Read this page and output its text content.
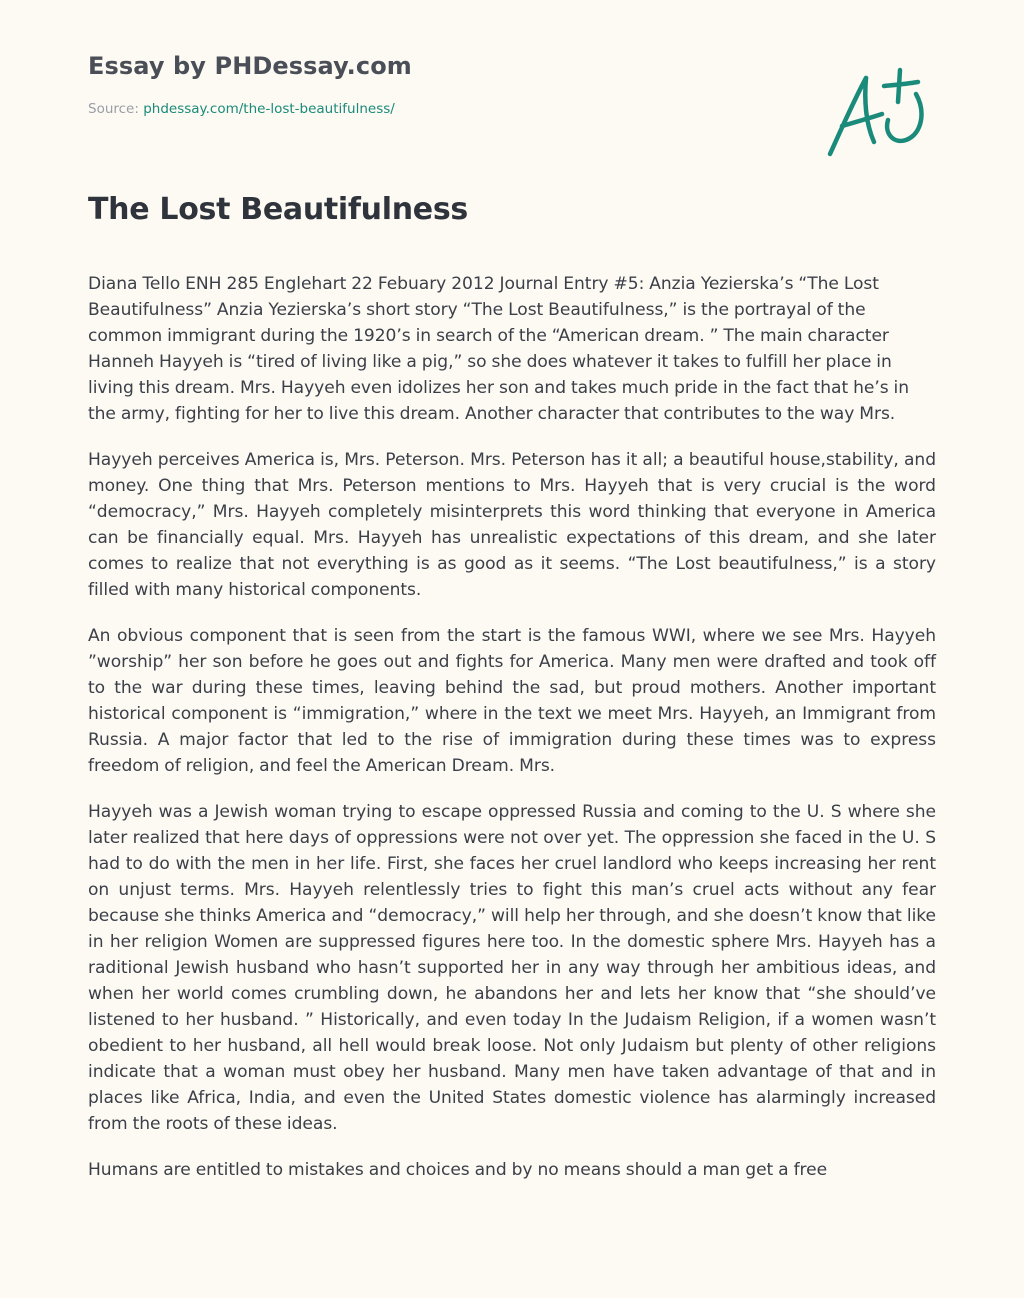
Essay by PHDessay.com
Source: phdessay.com/the-lost-beautifulness/
The Lost Beautifulness

Diana Tello ENH 285 Englehart 22 Febuary 2012 Journal Entry #5: Anzia Yezierska’s “The Lost Beautifulness” Anzia Yezierska’s short story “The Lost Beautifulness,” is the portrayal of the common immigrant during the 1920’s in search of the “American dream. ” The main character Hanneh Hayyeh is “tired of living like a pig,” so she does whatever it takes to fulfill her place in living this dream. Mrs. Hayyeh even idolizes her son and takes much pride in the fact that he’s in the army, fighting for her to live this dream. Another character that contributes to the way Mrs.

Hayyeh perceives America is, Mrs. Peterson. Mrs. Peterson has it all; a beautiful house,stability, and money. One thing that Mrs. Peterson mentions to Mrs. Hayyeh that is very crucial is the word “democracy,” Mrs. Hayyeh completely misinterprets this word thinking that everyone in America can be financially equal. Mrs. Hayyeh has unrealistic expectations of this dream, and she later comes to realize that not everything is as good as it seems. “The Lost beautifulness,” is a story filled with many historical components.

An obvious component that is seen from the start is the famous WWI, where we see Mrs. Hayyeh ”worship” her son before he goes out and fights for America. Many men were drafted and took off to the war during these times, leaving behind the sad, but proud mothers. Another important historical component is “immigration,” where in the text we meet Mrs. Hayyeh, an Immigrant from Russia. A major factor that led to the rise of immigration during these times was to express freedom of religion, and feel the American Dream. Mrs.

Hayyeh was a Jewish woman trying to escape oppressed Russia and coming to the U. S where she later realized that here days of oppressions were not over yet. The oppression she faced in the U. S had to do with the men in her life. First, she faces her cruel landlord who keeps increasing her rent on unjust terms. Mrs. Hayyeh relentlessly tries to fight this man’s cruel acts without any fear because she thinks America and “democracy,” will help her through, and she doesn’t know that like in her religion Women are suppressed figures here too. In the domestic sphere Mrs. Hayyeh has a raditional Jewish husband who hasn’t supported her in any way through her ambitious ideas, and when her world comes crumbling down, he abandons her and lets her know that “she should’ve listened to her husband. ” Historically, and even today In the Judaism Religion, if a women wasn’t obedient to her husband, all hell would break loose. Not only Judaism but plenty of other religions indicate that a woman must obey her husband. Many men have taken advantage of that and in places like Africa, India, and even the United States domestic violence has alarmingly increased from the roots of these ideas.

Humans are entitled to mistakes and choices and by no means should a man get a free
